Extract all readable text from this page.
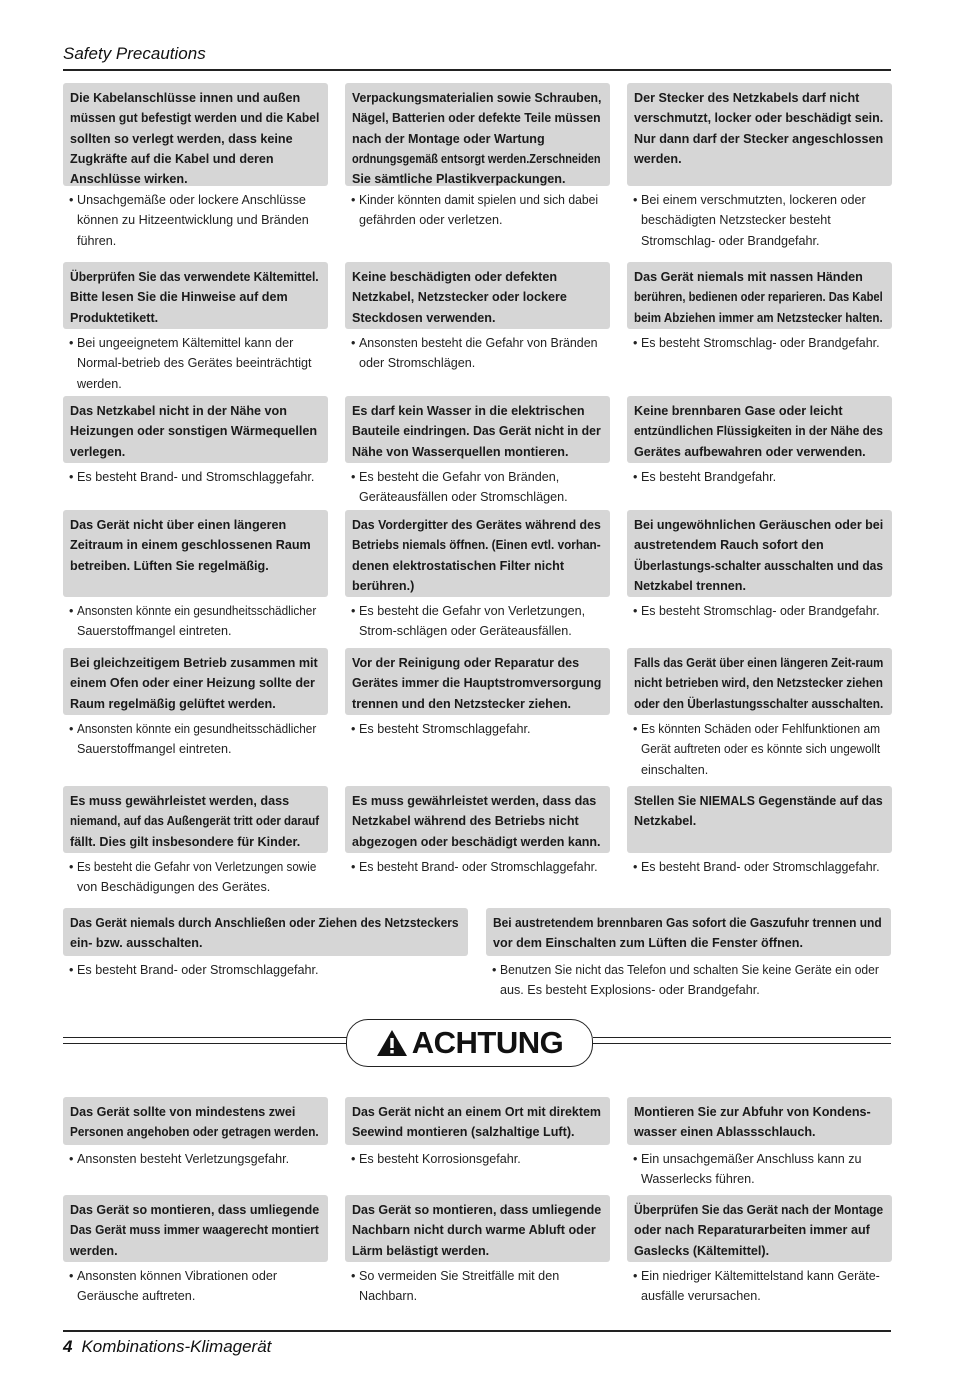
Safety Precautions
Die Kabelanschlüsse innen und außen
müssen gut befestigt werden und die Kabel
sollten so verlegt werden, dass keine
Zugkräfte auf die Kabel und deren
Anschlüsse wirken.
• Unsachgemäße oder lockere Anschlüsse
können zu Hitzeentwicklung und Bränden
führen.
Verpackungsmaterialien sowie Schrauben,
Nägel, Batterien oder defekte Teile müssen
nach der Montage oder Wartung
ordnungsgemäß entsorgt werden.Zerschneiden
Sie sämtliche Plastikverpackungen.
• Kinder könnten damit spielen und sich dabei
gefährden oder verletzen.
Der Stecker des Netzkabels darf nicht
verschmutzt, locker oder beschädigt sein.
Nur dann darf der Stecker angeschlossen
werden.
• Bei einem verschmutzten, lockeren oder
beschädigten Netzstecker besteht
Stromschlag- oder Brandgefahr.
Überprüfen Sie das verwendete Kältemittel.
Bitte lesen Sie die Hinweise auf dem
Produktetikett.
• Bei ungeeignetem Kältemittel kann der
Normal-betrieb des Gerätes beeinträchtigt
werden.
Keine beschädigten oder defekten
Netzkabel, Netzstecker oder lockere
Steckdosen verwenden.
• Ansonsten besteht die Gefahr von Bränden
oder Stromschlägen.
Das Gerät niemals mit nassen Händen
berühren, bedienen oder reparieren. Das Kabel
beim Abziehen immer am Netzstecker halten.
• Es besteht Stromschlag- oder Brandgefahr.
Das Netzkabel nicht in der Nähe von
Heizungen oder sonstigen Wärmequellen
verlegen.
• Es besteht Brand- und Stromschlaggefahr.
Es darf kein Wasser in die elektrischen
Bauteile eindringen. Das Gerät nicht in der
Nähe von Wasserquellen montieren.
• Es besteht die Gefahr von Bränden,
Geräteausfällen oder Stromschlägen.
Keine brennbaren Gase oder leicht
entzündlichen Flüssigkeiten in der Nähe des
Gerätes aufbewahren oder verwenden.
• Es besteht Brandgefahr.
Das Gerät nicht über einen längeren
Zeitraum in einem geschlossenen Raum
betreiben. Lüften Sie regelmäßig.
• Ansonsten könnte ein gesundheitsschädlicher
Sauerstoffmangel eintreten.
Das Vordergitter des Gerätes während des
Betriebs niemals öffnen. (Einen evtl. vorhan-
denen elektrostatischen Filter nicht
berühren.)
• Es besteht die Gefahr von Verletzungen,
Strom-schlägen oder Geräteausfällen.
Bei ungewöhnlichen Geräuschen oder bei
austretendem Rauch sofort den
Überlastungs-schalter ausschalten und das
Netzkabel trennen.
• Es besteht Stromschlag- oder Brandgefahr.
Bei gleichzeitigem Betrieb zusammen mit
einem Ofen oder einer Heizung sollte der
Raum regelmäßig gelüftet werden.
• Ansonsten könnte ein gesundheitsschädlicher
Sauerstoffmangel eintreten.
Vor der Reinigung oder Reparatur des
Gerätes immer die Hauptstromversorgung
trennen und den Netzstecker ziehen.
• Es besteht Stromschlaggefahr.
Falls das Gerät über einen längeren Zeit-raum
nicht betrieben wird, den Netzstecker ziehen
oder den Überlastungsschalter ausschalten.
• Es könnten Schäden oder Fehlfunktionen am
Gerät auftreten oder es könnte sich ungewollt
einschalten.
Es muss gewährleistet werden, dass
niemand, auf das Außengerät tritt oder darauf
fällt. Dies gilt insbesondere für Kinder.
• Es besteht die Gefahr von Verletzungen sowie
von Beschädigungen des Gerätes.
Es muss gewährleistet werden, dass das
Netzkabel während des Betriebs nicht
abgezogen oder beschädigt werden kann.
• Es besteht Brand- oder Stromschlaggefahr.
Stellen Sie NIEMALS Gegenstände auf das
Netzkabel.
• Es besteht Brand- oder Stromschlaggefahr.
Das Gerät niemals durch Anschließen oder Ziehen des Netzsteckers
ein- bzw. ausschalten.
• Es besteht Brand- oder Stromschlaggefahr.
Bei austretendem brennbaren Gas sofort die Gaszufuhr trennen und
vor dem Einschalten zum Lüften die Fenster öffnen.
• Benutzen Sie nicht das Telefon und schalten Sie keine Geräte ein oder
aus. Es besteht Explosions- oder Brandgefahr.
ACHTUNG
Das Gerät sollte von mindestens zwei
Personen angehoben oder getragen werden.
• Ansonsten besteht Verletzungsgefahr.
Das Gerät nicht an einem Ort mit direktem
Seewind montieren (salzhaltige Luft).
• Es besteht Korrosionsgefahr.
Montieren Sie zur Abfuhr von Kondens-
wasser einen Ablassschlauch.
• Ein unsachgemäßer Anschluss kann zu
Wasserlecks führen.
Das Gerät so montieren, dass umliegende
Das Gerät muss immer waagerecht montiert
werden.
• Ansonsten können Vibrationen oder
Geräusche auftreten.
Das Gerät so montieren, dass umliegende
Nachbarn nicht durch warme Abluft oder
Lärm belästigt werden.
• So vermeiden Sie Streitfälle mit den
Nachbarn.
Überprüfen Sie das Gerät nach der Montage
oder nach Reparaturarbeiten immer auf
Gaslecks (Kältemittel).
• Ein niedriger Kältemittelstand kann Geräte-
ausfälle verursachen.
4 Kombinations-Klimagerät
